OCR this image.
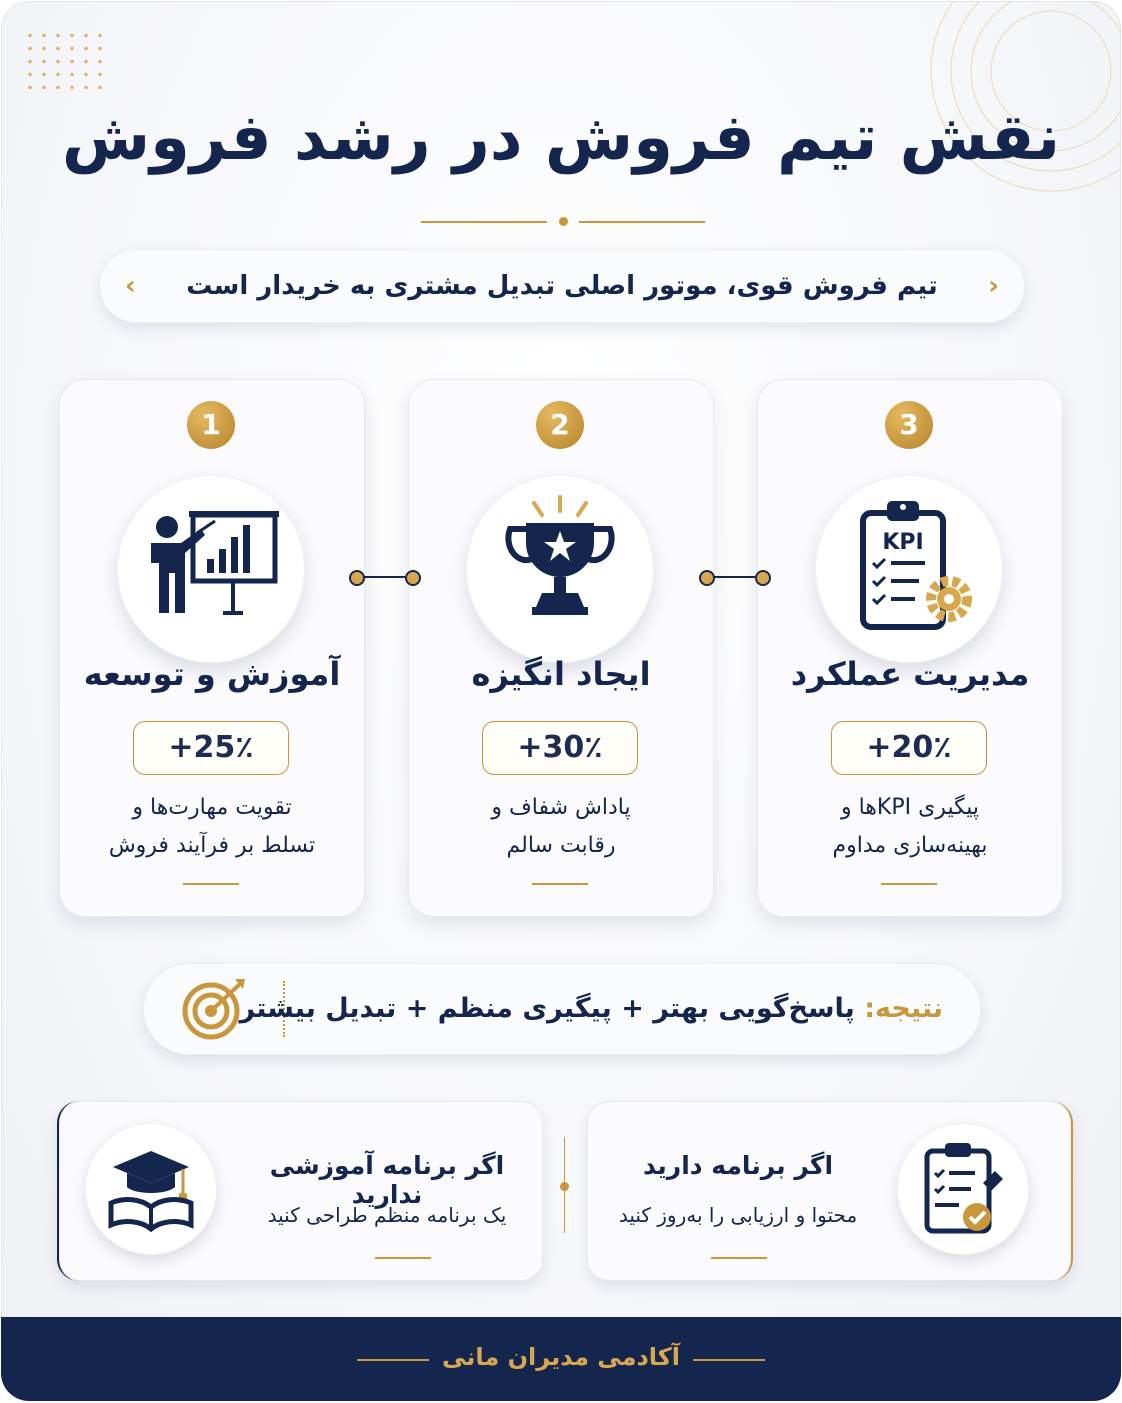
نقش تیم فروش در رشد فروش
‹	تیم فروش قوی، موتور اصلی تبدیل مشتری به خریدار است	›
1
آموزش و توسعه
+25٪
تقویت مهارت‌ها و
تسلط بر فرآیند فروش
2
ایجاد انگیزه
+30٪
پاداش شفاف و
رقابت سالم
3
KPI
مدیریت عملکرد
+20٪
پیگیری KPIها و
بهینه‌سازی مداوم
نتیجه: پاسخ‌گویی بهتر + پیگیری منظم + تبدیل بیشتر
اگر برنامه آموزشی ندارید
یک برنامه منظم طراحی کنید
اگر برنامه دارید
محتوا و ارزیابی را به‌روز کنید
آکادمی مدیران مانی
